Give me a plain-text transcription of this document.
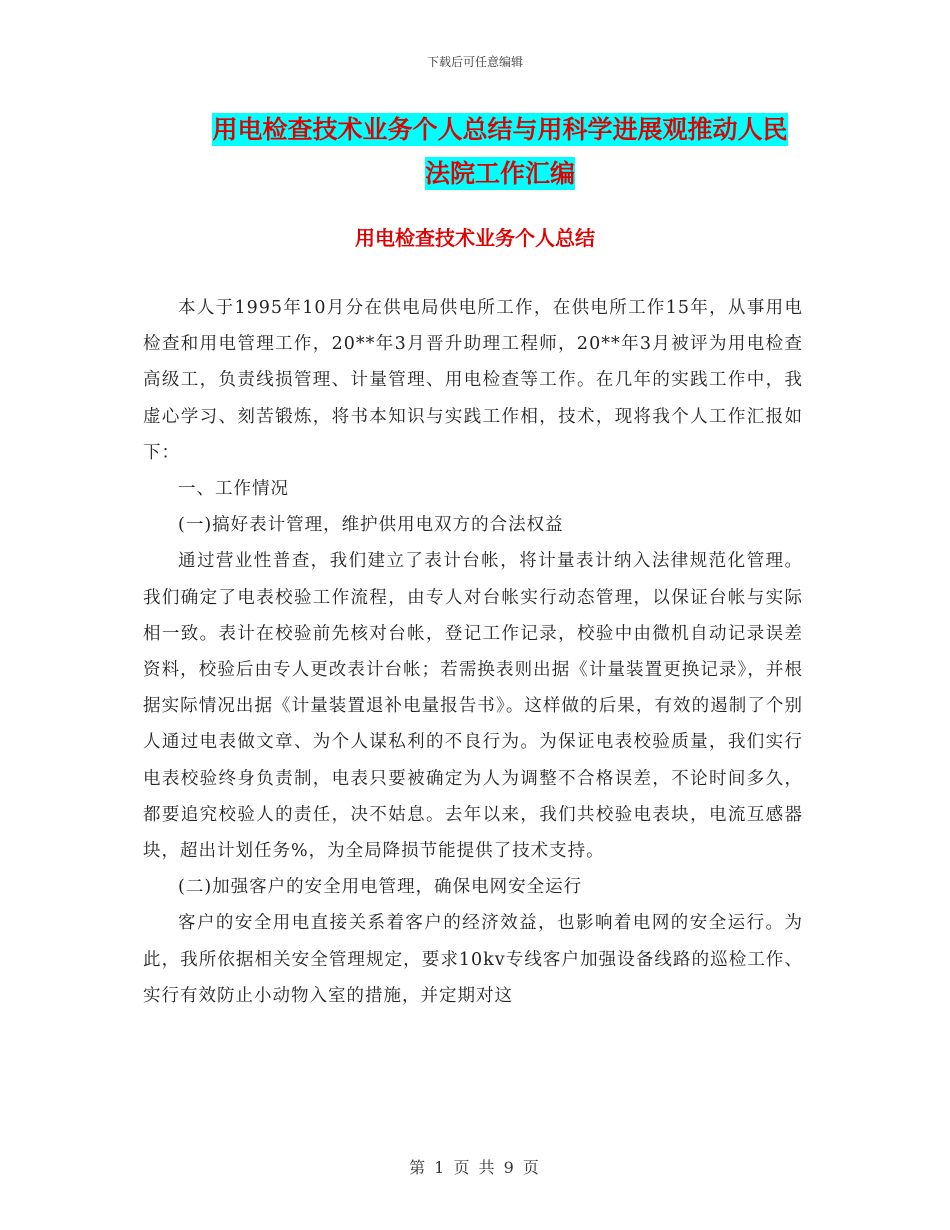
下载后可任意编辑
用电检查技术业务个人总结与用科学进展观推动人民
法院工作汇编
用电检查技术业务个人总结

本人于1995年10月分在供电局供电所工作，在供电所工作15年，从事用电检查和用电管理工作，20**年3月晋升助理工程师，20**年3月被评为用电检查高级工，负责线损管理、计量管理、用电检查等工作。在几年的实践工作中，我虚心学习、刻苦锻炼，将书本知识与实践工作相，技术，现将我个人工作汇报如下：

一、工作情况

(一)搞好表计管理，维护供用电双方的合法权益

通过营业性普查，我们建立了表计台帐，将计量表计纳入法律规范化管理。我们确定了电表校验工作流程，由专人对台帐实行动态管理，以保证台帐与实际相一致。表计在校验前先核对台帐，登记工作记录，校验中由微机自动记录误差资料，校验后由专人更改表计台帐；若需换表则出据《计量装置更换记录》，并根据实际情况出据《计量装置退补电量报告书》。这样做的后果，有效的遏制了个别人通过电表做文章、为个人谋私利的不良行为。为保证电表校验质量，我们实行电表校验终身负责制，电表只要被确定为人为调整不合格误差，不论时间多久，都要追究校验人的责任，决不姑息。去年以来，我们共校验电表块，电流互感器块，超出计划任务%，为全局降损节能提供了技术支持。

(二)加强客户的安全用电管理，确保电网安全运行

客户的安全用电直接关系着客户的经济效益，也影响着电网的安全运行。为此，我所依据相关安全管理规定，要求10kv专线客户加强设备线路的巡检工作、实行有效防止小动物入室的措施，并定期对这

第 1 页 共 9 页
